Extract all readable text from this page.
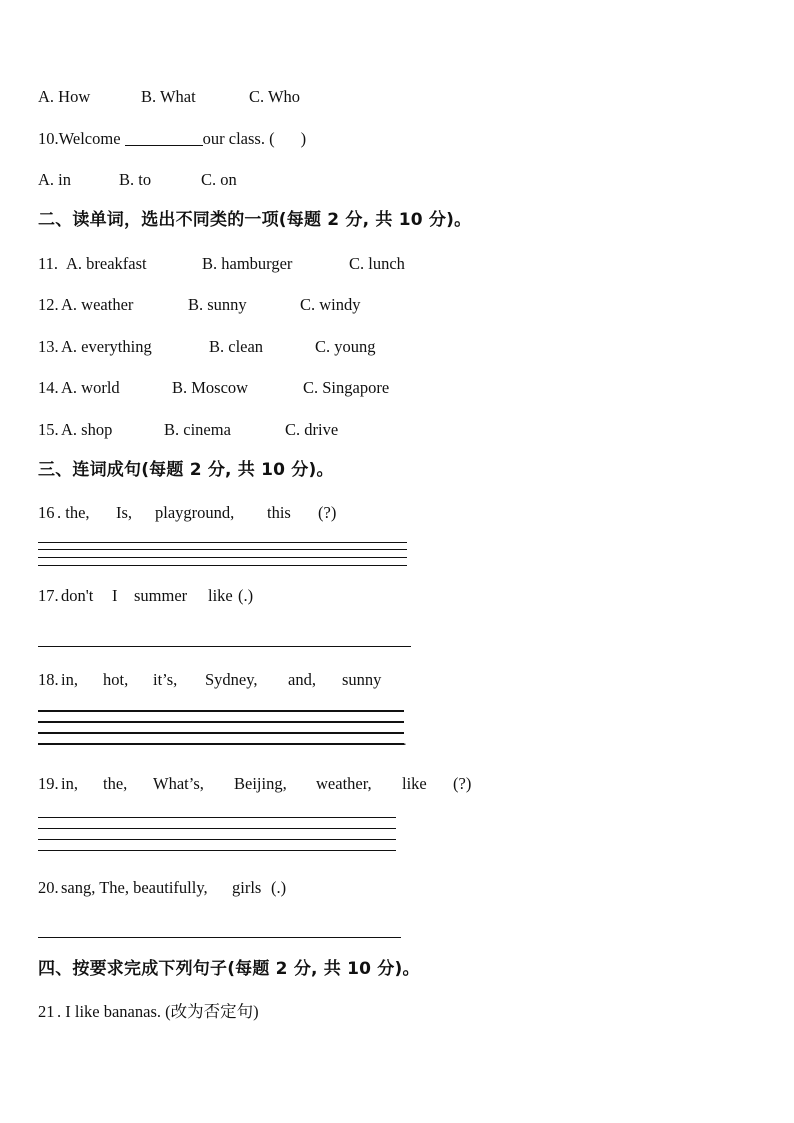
A. How	B. What	C. Who
10.Welcome	our class. ( )
A. in	B. to	C. on
二、读单词，选出不同类的一项(每题 2 分, 共 10 分)。
11. A. breakfast	B. hamburger	C. lunch
12. A. weather	B. sunny	C. windy
13. A. everything	B. clean	C. young
14. A. world	B. Moscow	C. Singapore
15. A. shop	B. cinema	C. drive
三、连词成句(每题 2 分, 共 10 分)。
16 . the, Is, playground, this (?)
17. don't I summer like (.)
18. in, hot, it’s, Sydney, and, sunny
.
19. in, the, What’s, Beijing, weather, like (?)
20. sang, The, beautifully, girls (.)
四、按要求完成下列句子(每题 2 分, 共 10 分)。
21 . I like bananas. (改为否定句)
